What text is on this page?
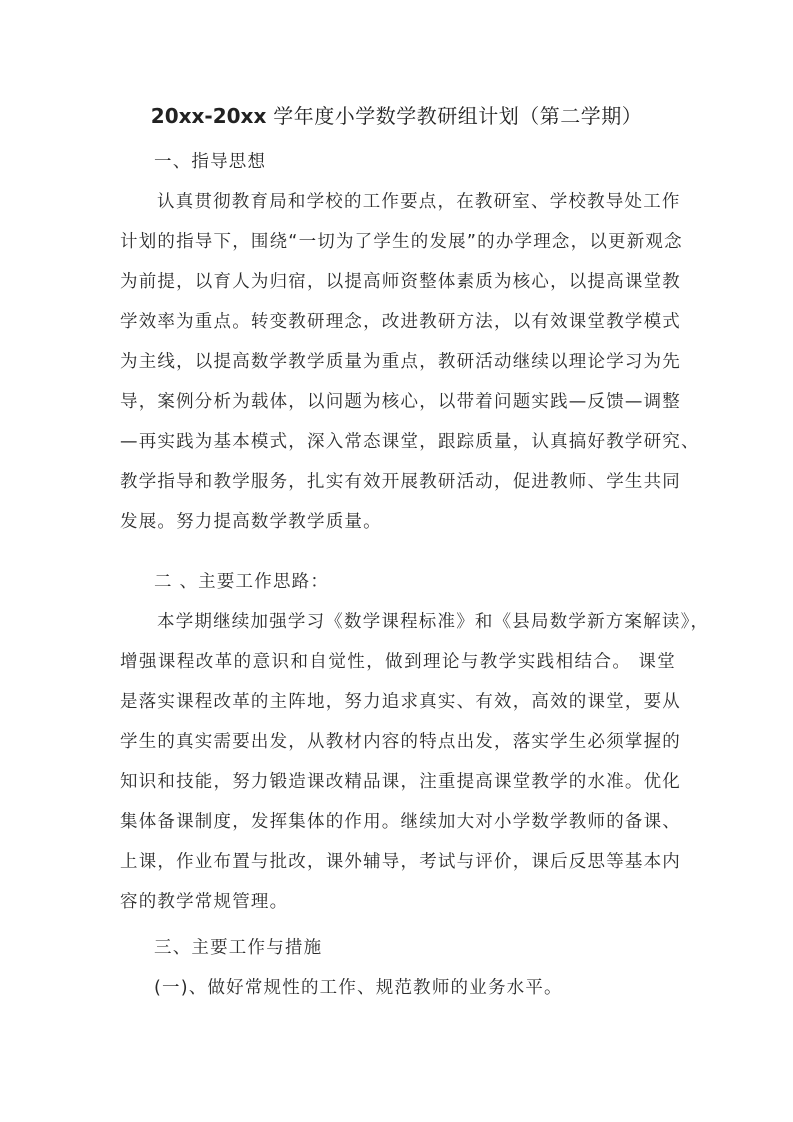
20xx-20xx 学年度小学数学教研组计划（第二学期）
一、指导思想
认真贯彻教育局和学校的工作要点，在教研室、学校教导处工作
计划的指导下，围绕“一切为了学生的发展”的办学理念，以更新观念
为前提，以育人为归宿，以提高师资整体素质为核心，以提高课堂教
学效率为重点。转变教研理念，改进教研方法，以有效课堂教学模式
为主线，以提高数学教学质量为重点，教研活动继续以理论学习为先
导，案例分析为载体，以问题为核心，以带着问题实践—反馈—调整
—再实践为基本模式，深入常态课堂，跟踪质量，认真搞好教学研究、
教学指导和教学服务，扎实有效开展教研活动，促进教师、学生共同
发展。努力提高数学教学质量。
二 、主要工作思路：
本学期继续加强学习《数学课程标准》和《县局数学新方案解读》，
增强课程改革的意识和自觉性，做到理论与教学实践相结合。 课堂
是落实课程改革的主阵地，努力追求真实、有效，高效的课堂，要从
学生的真实需要出发，从教材内容的特点出发，落实学生必须掌握的
知识和技能，努力锻造课改精品课，注重提高课堂教学的水准。优化
集体备课制度，发挥集体的作用。继续加大对小学数学教师的备课、
上课，作业布置与批改，课外辅导，考试与评价，课后反思等基本内
容的教学常规管理。
三、主要工作与措施
(一)、做好常规性的工作、规范教师的业务水平。
